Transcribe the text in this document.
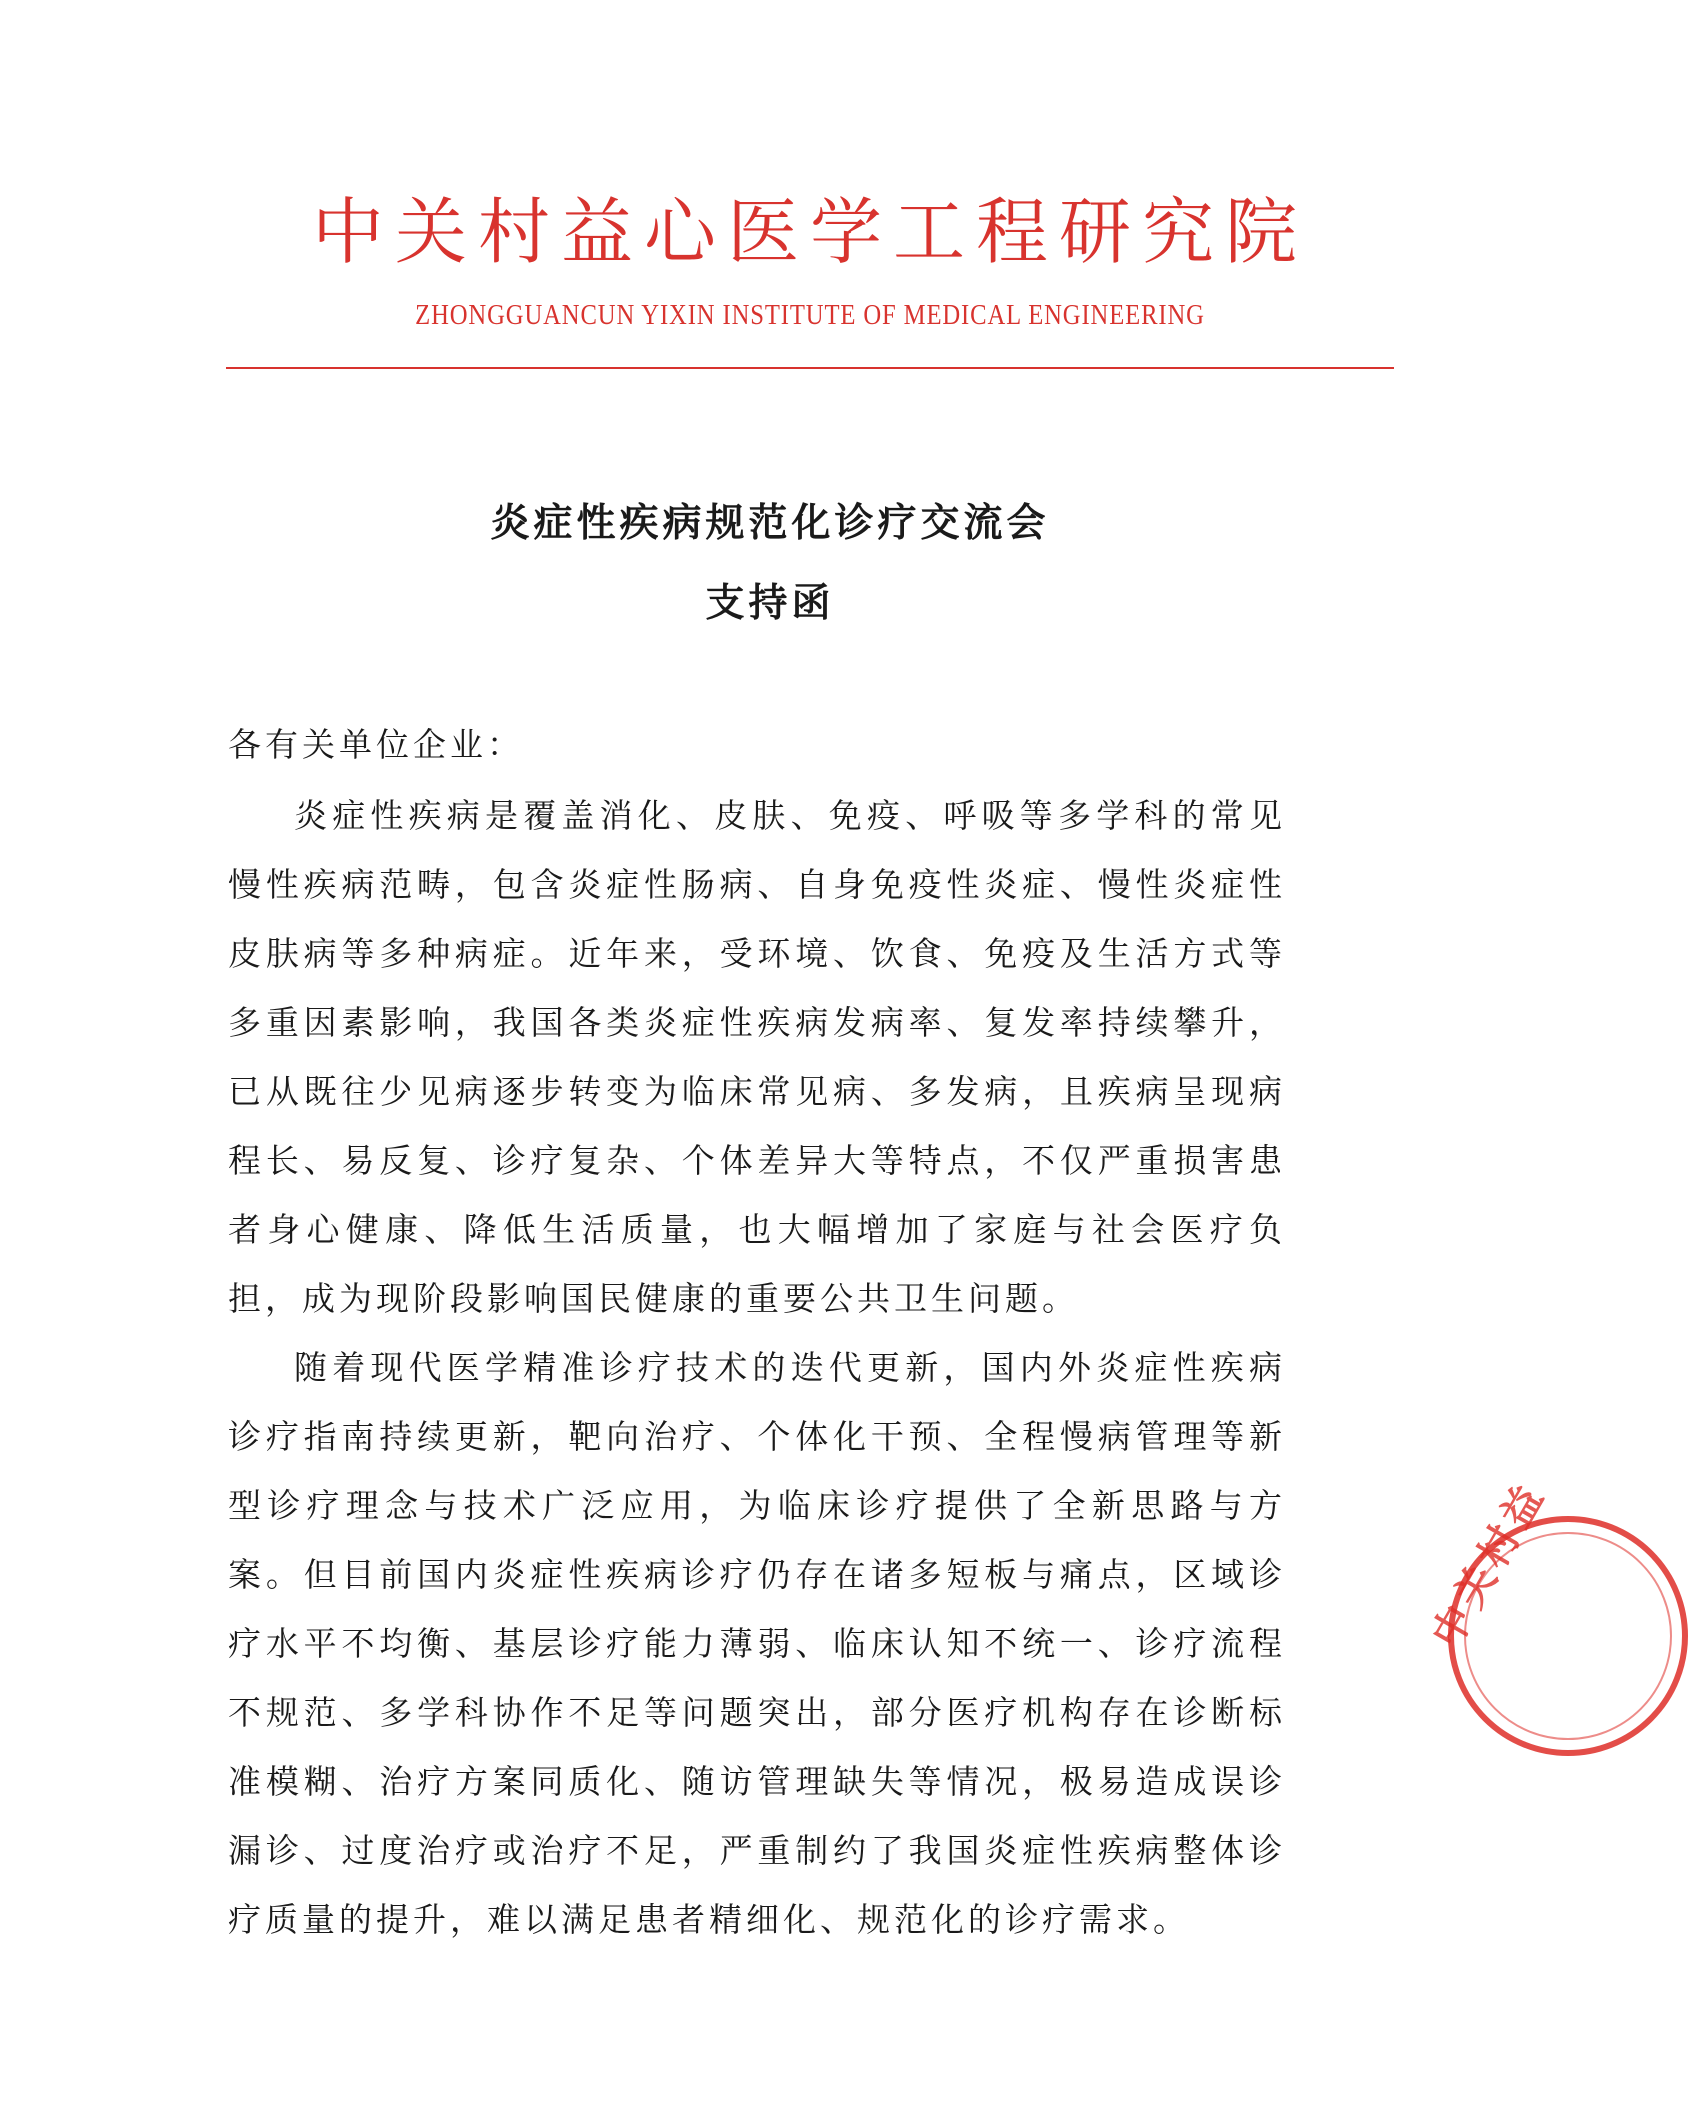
中关村益心医学工程研究院
ZHONGGUANCUN YIXIN INSTITUTE OF MEDICAL ENGINEERING
炎症性疾病规范化诊疗交流会
支持函

各有关单位企业：

炎症性疾病是覆盖消化、皮肤、免疫、呼吸等多学科的常见慢性疾病范畴，包含炎症性肠病、自身免疫性炎症、慢性炎症性皮肤病等多种病症。近年来，受环境、饮食、免疫及生活方式等多重因素影响，我国各类炎症性疾病发病率、复发率持续攀升，已从既往少见病逐步转变为临床常见病、多发病，且疾病呈现病程长、易反复、诊疗复杂、个体差异大等特点，不仅严重损害患者身心健康、降低生活质量，也大幅增加了家庭与社会医疗负担，成为现阶段影响国民健康的重要公共卫生问题。

随着现代医学精准诊疗技术的迭代更新，国内外炎症性疾病诊疗指南持续更新，靶向治疗、个体化干预、全程慢病管理等新型诊疗理念与技术广泛应用，为临床诊疗提供了全新思路与方案。但目前国内炎症性疾病诊疗仍存在诸多短板与痛点，区域诊疗水平不均衡、基层诊疗能力薄弱、临床认知不统一、诊疗流程不规范、多学科协作不足等问题突出，部分医疗机构存在诊断标准模糊、治疗方案同质化、随访管理缺失等情况，极易造成误诊漏诊、过度治疗或治疗不足，严重制约了我国炎症性疾病整体诊疗质量的提升，难以满足患者精细化、规范化的诊疗需求。

中关村益
